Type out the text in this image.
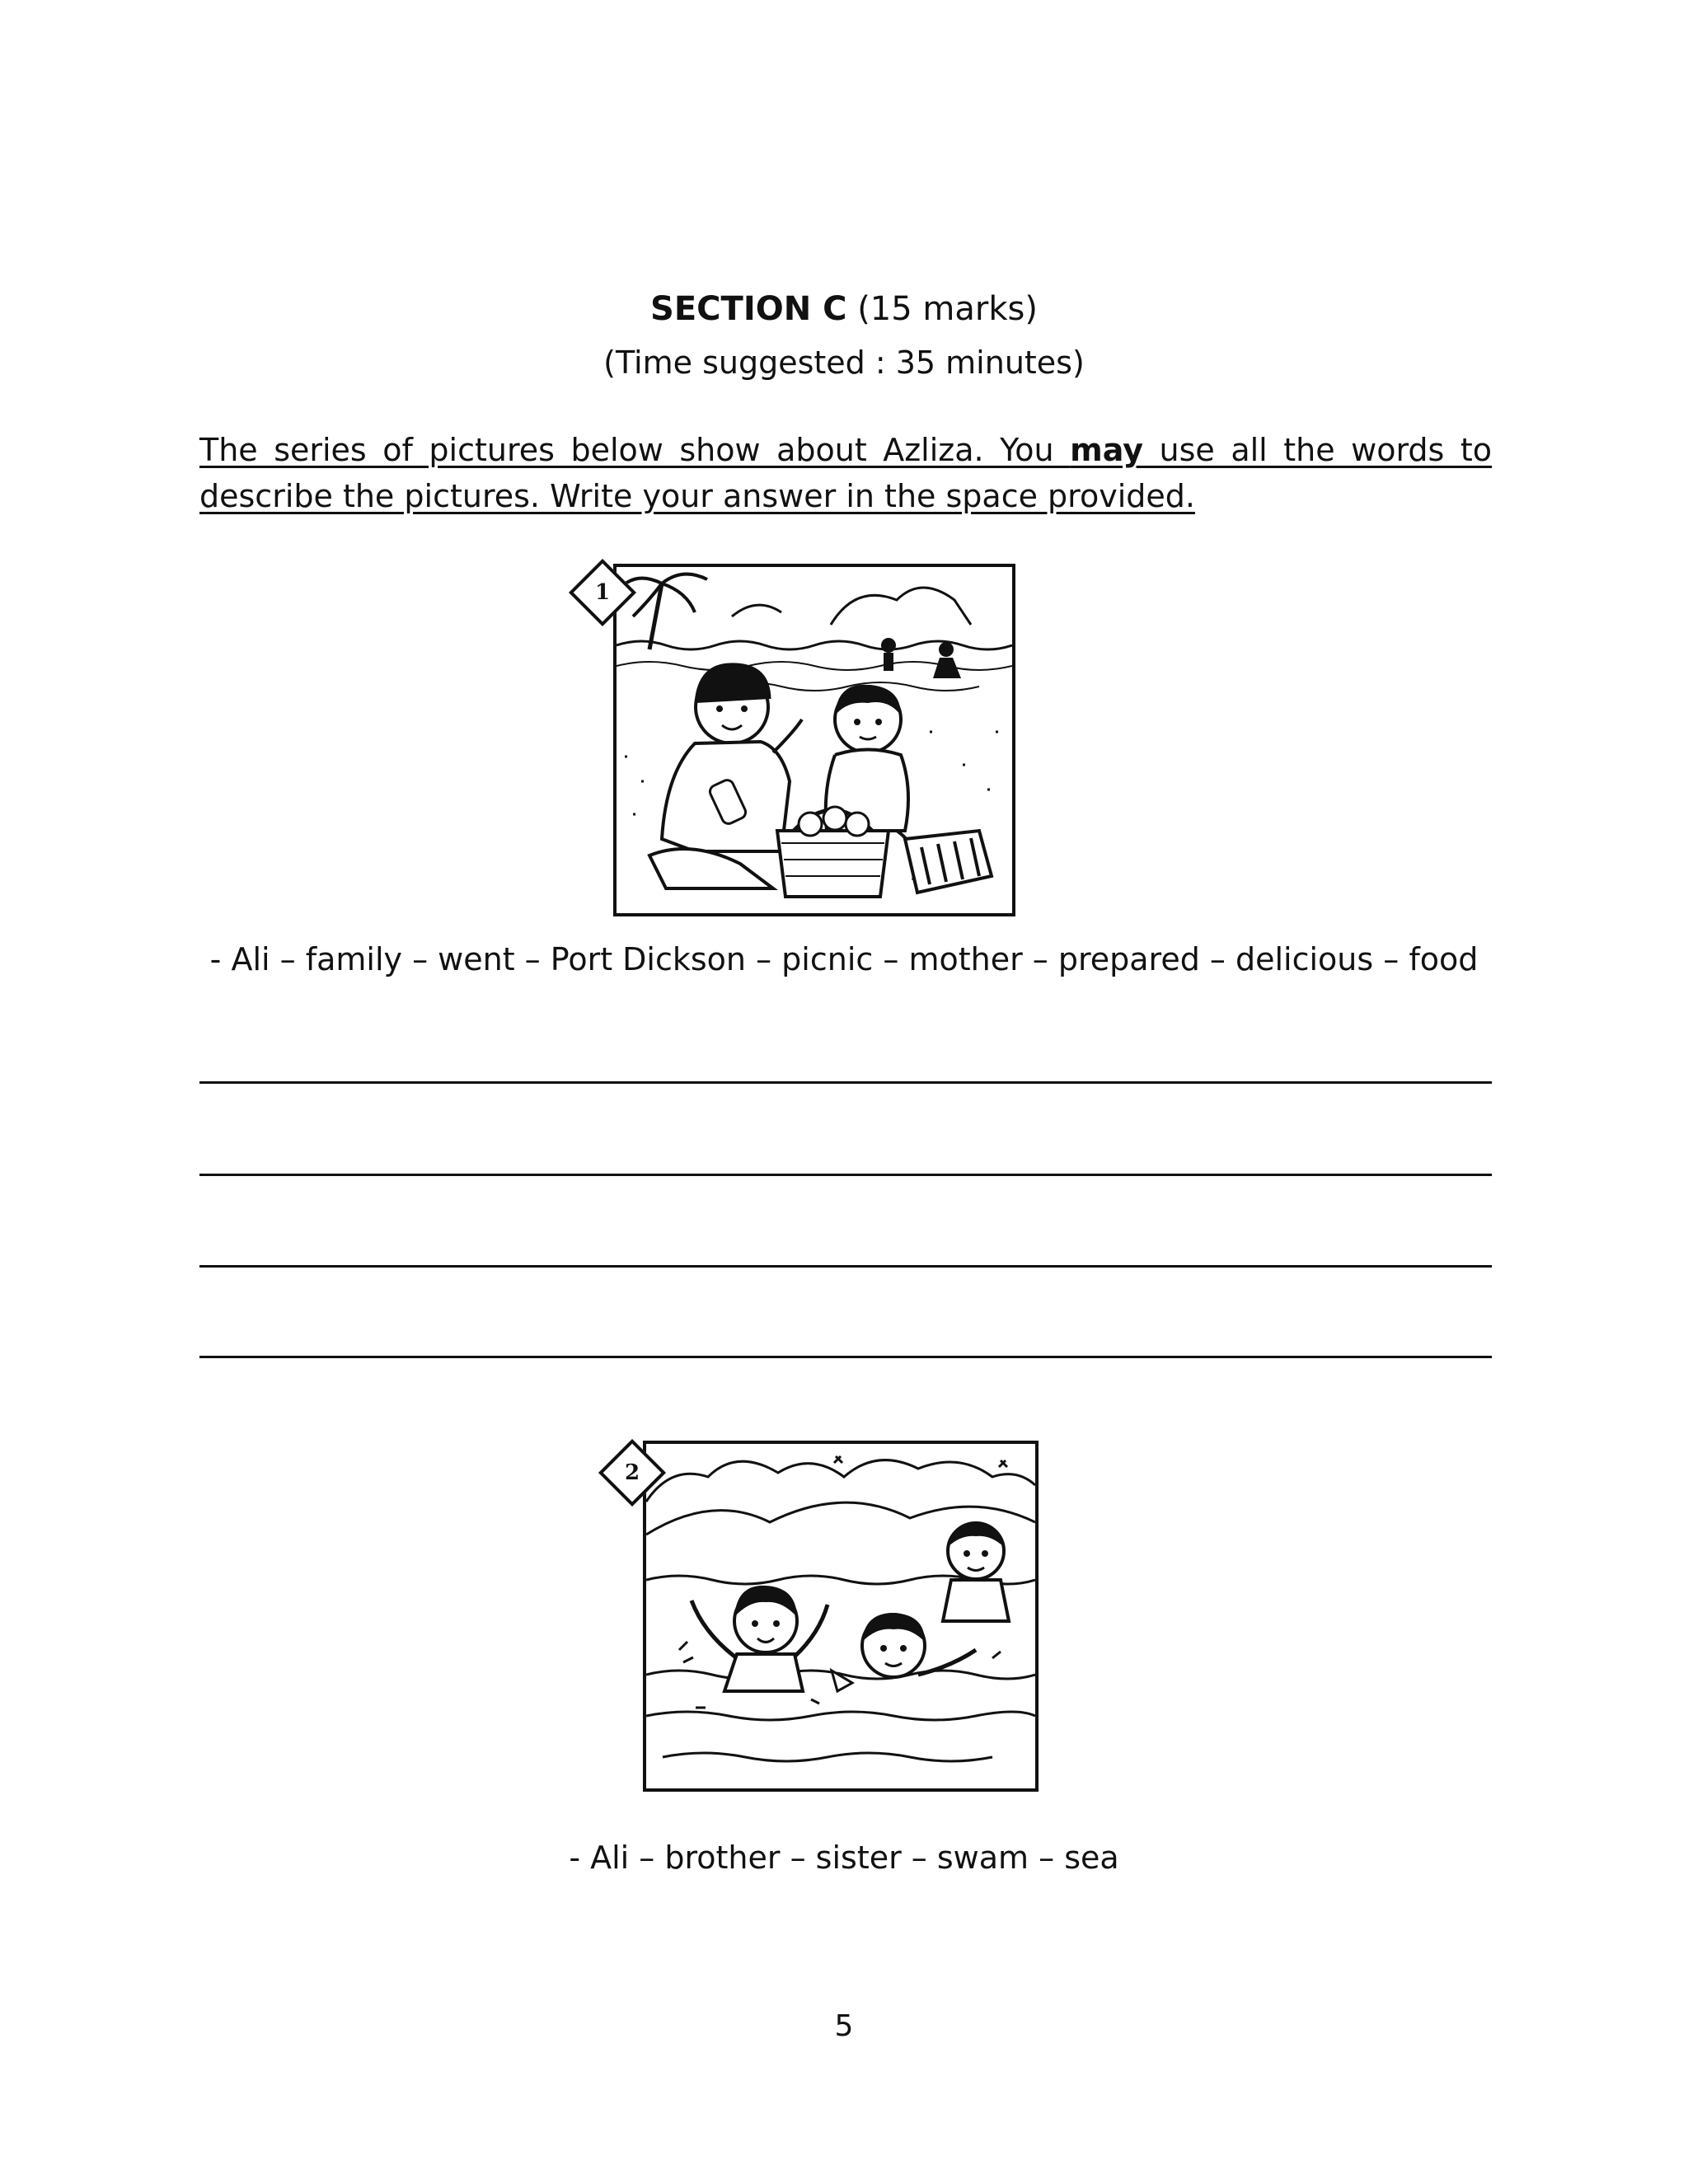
SECTION C (15 marks)
(Time suggested : 35 minutes)
The series of pictures below show about Azliza. You may use all the words to describe the pictures. Write your answer in the space provided.
1
- Ali – family – went – Port Dickson – picnic – mother – prepared – delicious – food
2
- Ali – brother – sister – swam – sea
5
